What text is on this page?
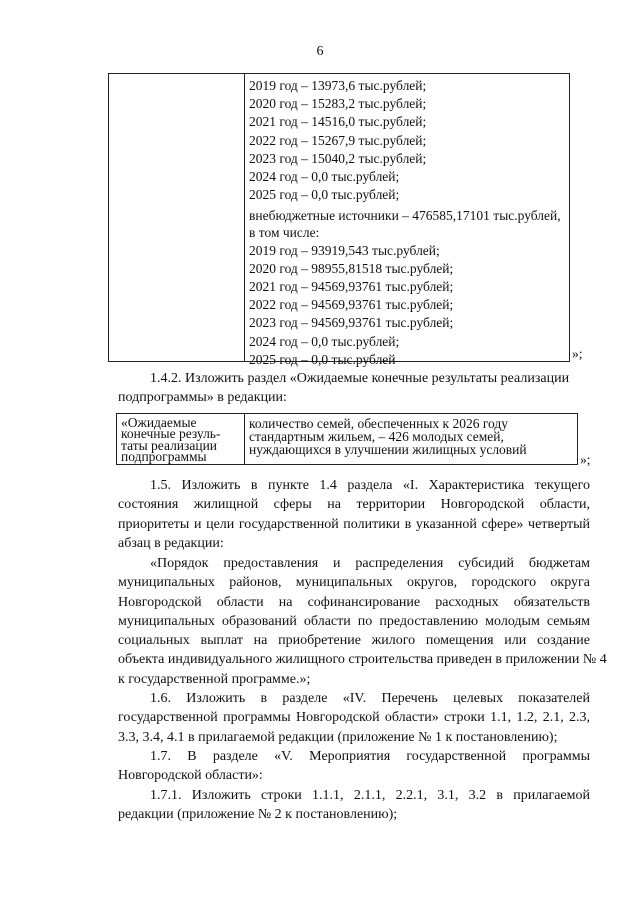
6
2019 год – 13973,6 тыс.рублей;
2020 год – 15283,2 тыс.рублей;
2021 год – 14516,0 тыс.рублей;
2022 год – 15267,9 тыс.рублей;
2023 год – 15040,2 тыс.рублей;
2024 год – 0,0 тыс.рублей;
2025 год – 0,0 тыс.рублей;
внебюджетные источники – 476585,17101 тыс.рублей,
в том числе:
2019 год – 93919,543 тыс.рублей;
2020 год – 98955,81518 тыс.рублей;
2021 год – 94569,93761 тыс.рублей;
2022 год – 94569,93761 тыс.рублей;
2023 год – 94569,93761 тыс.рублей;
2024 год – 0,0 тыс.рублей;
2025 год – 0,0 тыс.рублей	»;
1.4.2. Изложить раздел «Ожидаемые конечные результаты реализации
подпрограммы» в редакции:
«Ожидаемые
конечные резуль-
таты реализации
подпрограммы
количество семей, обеспеченных к 2026 году
стандартным жильем, – 426 молодых семей,
нуждающихся в улучшении жилищных условий
»;
1.5. Изложить в пункте 1.4 раздела «I. Характеристика текущего
состояния жилищной сферы на территории Новгородской области,
приоритеты и цели государственной политики в указанной сфере» четвертый
абзац в редакции:
«Порядок предоставления и распределения субсидий бюджетам
муниципальных районов, муниципальных округов, городского округа
Новгородской области на софинансирование расходных обязательств
муниципальных образований области по предоставлению молодым семьям
социальных выплат на приобретение жилого помещения или создание
объекта индивидуального жилищного строительства приведен в приложении № 4
к государственной программе.»;
1.6. Изложить в разделе «IV. Перечень целевых показателей
государственной программы Новгородской области» строки 1.1, 1.2, 2.1, 2.3,
3.3, 3.4, 4.1 в прилагаемой редакции (приложение № 1 к постановлению);
1.7. В разделе «V. Мероприятия государственной программы
Новгородской области»:
1.7.1. Изложить строки 1.1.1, 2.1.1, 2.2.1, 3.1, 3.2 в прилагаемой
редакции (приложение № 2 к постановлению);
